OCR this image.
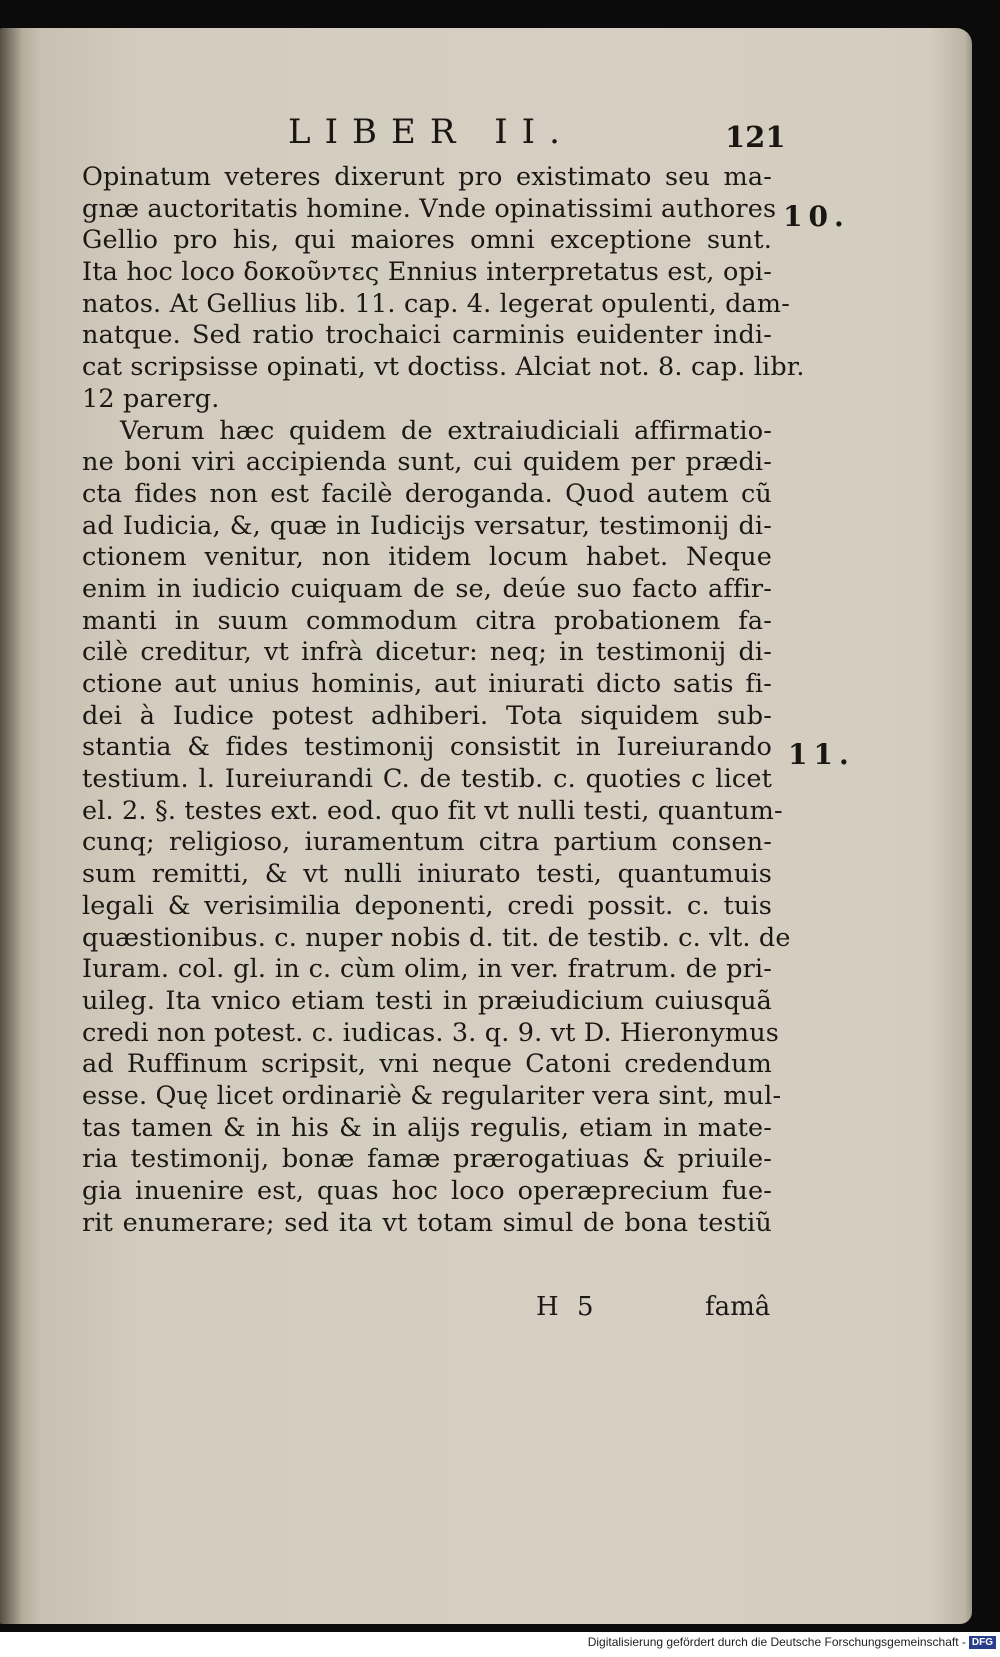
LIBER II.	121
Opinatum veteres dixerunt pro existimato seu ma-
gnæ auctoritatis homine. Vnde opinatissimi authores
Gellio pro his, qui maiores omni exceptione sunt.
Ita hoc loco δοκοῦντες Ennius interpretatus est, opi-
natos. At Gellius lib. 11. cap. 4. legerat opulenti, dam-
natque. Sed ratio trochaici carminis euidenter indi-
cat scripsisse opinati, vt doctiss. Alciat not. 8. cap. libr.
12 parerg.
Verum hæc quidem de extraiudiciali affirmatio-
ne boni viri accipienda sunt, cui quidem per prædi-
cta fides non est facilè deroganda. Quod autem cũ
ad Iudicia, &, quæ in Iudicijs versatur, testimonij di-
ctionem venitur, non itidem locum habet. Neque
enim in iudicio cuiquam de se, deúe suo facto affir-
manti in suum commodum citra probationem fa-
cilè creditur, vt infrà dicetur: neq; in testimonij di-
ctione aut unius hominis, aut iniurati dicto satis fi-
dei à Iudice potest adhiberi. Tota siquidem sub-
stantia & fides testimonij consistit in Iureiurando
testium. l. Iureiurandi C. de testib. c. quoties c licet
el. 2. §. testes ext. eod. quo fit vt nulli testi, quantum-
cunq; religioso, iuramentum citra partium consen-
sum remitti, & vt nulli iniurato testi, quantumuis
legali & verisimilia deponenti, credi possit. c. tuis
quæstionibus. c. nuper nobis d. tit. de testib. c. vlt. de
Iuram. col. gl. in c. cùm olim, in ver. fratrum. de pri-
uileg. Ita vnico etiam testi in præiudicium cuiusquã
credi non potest. c. iudicas. 3. q. 9. vt D. Hieronymus
ad Ruffinum scripsit, vni neque Catoni credendum
esse. Quę licet ordinariè & regulariter vera sint, mul-
tas tamen & in his & in alijs regulis, etiam in mate-
ria testimonij, bonæ famæ prærogatiuas & priuile-
gia inuenire est, quas hoc loco operæprecium fue-
rit enumerare; sed ita vt totam simul de bona testiũ
10.
11.
H 5	famâ
Digitalisierung gefördert durch die Deutsche Forschungsgemeinschaft - DFG
